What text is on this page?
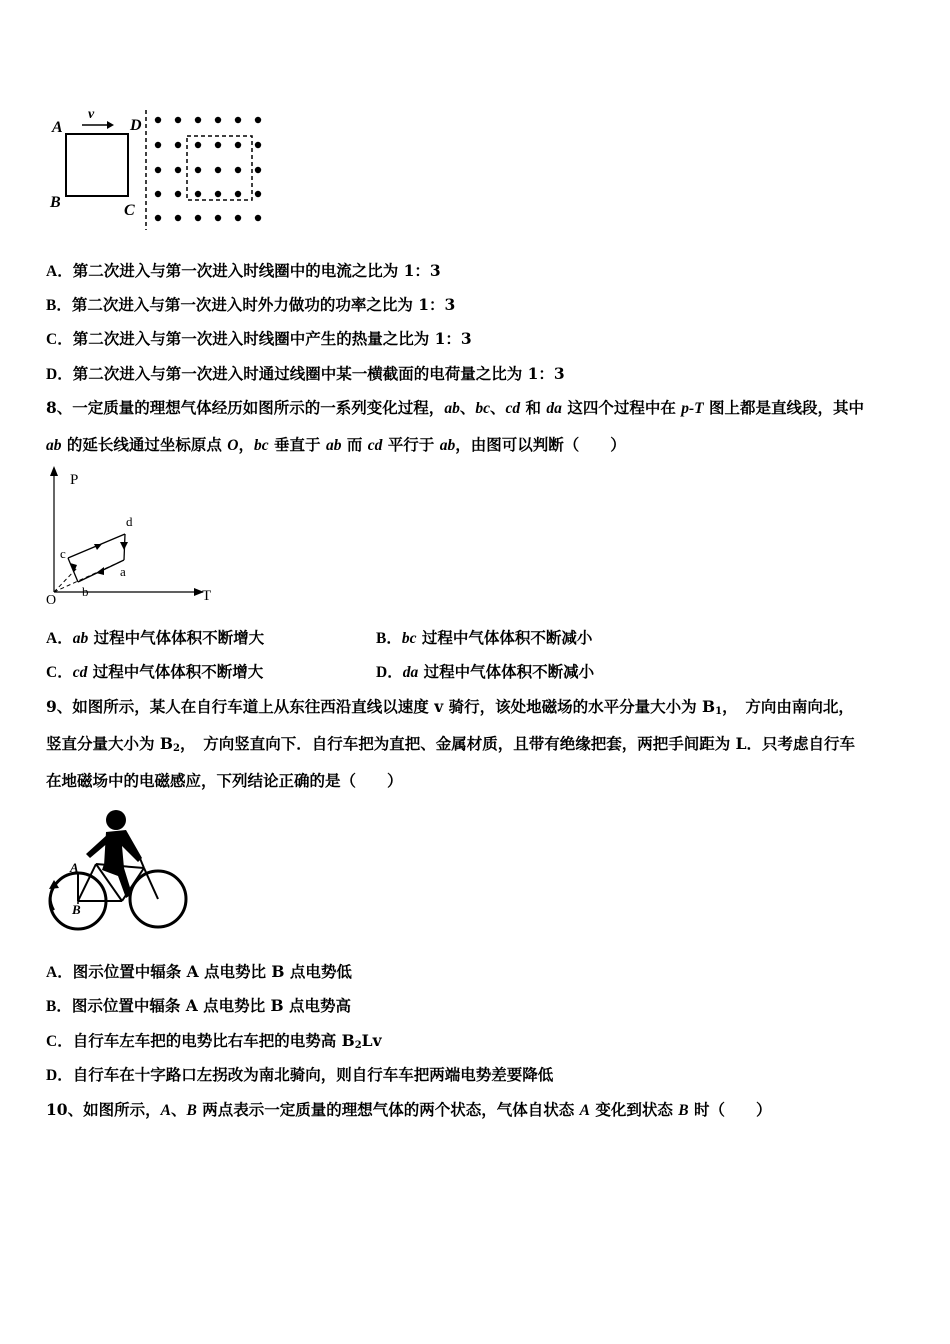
A
B	C
D
v
A．第二次进入与第一次进入时线圈中的电流之比为 1：3
B．第二次进入与第一次进入时外力做功的功率之比为 1：3
C．第二次进入与第一次进入时线圈中产生的热量之比为 1：3
D．第二次进入与第一次进入时通过线圈中某一横截面的电荷量之比为 1：3
8、一定质量的理想气体经历如图所示的一系列变化过程，ab、bc、cd 和 da 这四个过程中在 p-T 图上都是直线段，其中
ab 的延长线通过坐标原点 O，bc 垂直于 ab 而 cd 平行于 ab，由图可以判断（　　）
P
T
O
a
b
c
d
A．ab 过程中气体体积不断增大	B．bc 过程中气体体积不断减小
C．cd 过程中气体体积不断增大	D．da 过程中气体体积不断减小
9、如图所示，某人在自行车道上从东往西沿直线以速度 v 骑行，该处地磁场的水平分量大小为 $B_1$，　方向由南向北，
竖直分量大小为 $B_2$，　方向竖直向下．自行车把为直把、金属材质，且带有绝缘把套，两把手间距为 L．只考虑自行车
在地磁场中的电磁感应，下列结论正确的是（　　）
A
B
A．图示位置中辐条 A 点电势比 B 点电势低
B．图示位置中辐条 A 点电势比 B 点电势高
C．自行车左车把的电势比右车把的电势高 $B_2Lv$
D．自行车在十字路口左拐改为南北骑向，则自行车车把两端电势差要降低
10、如图所示，A、B 两点表示一定质量的理想气体的两个状态，气体自状态 A 变化到状态 B 时（　　）
